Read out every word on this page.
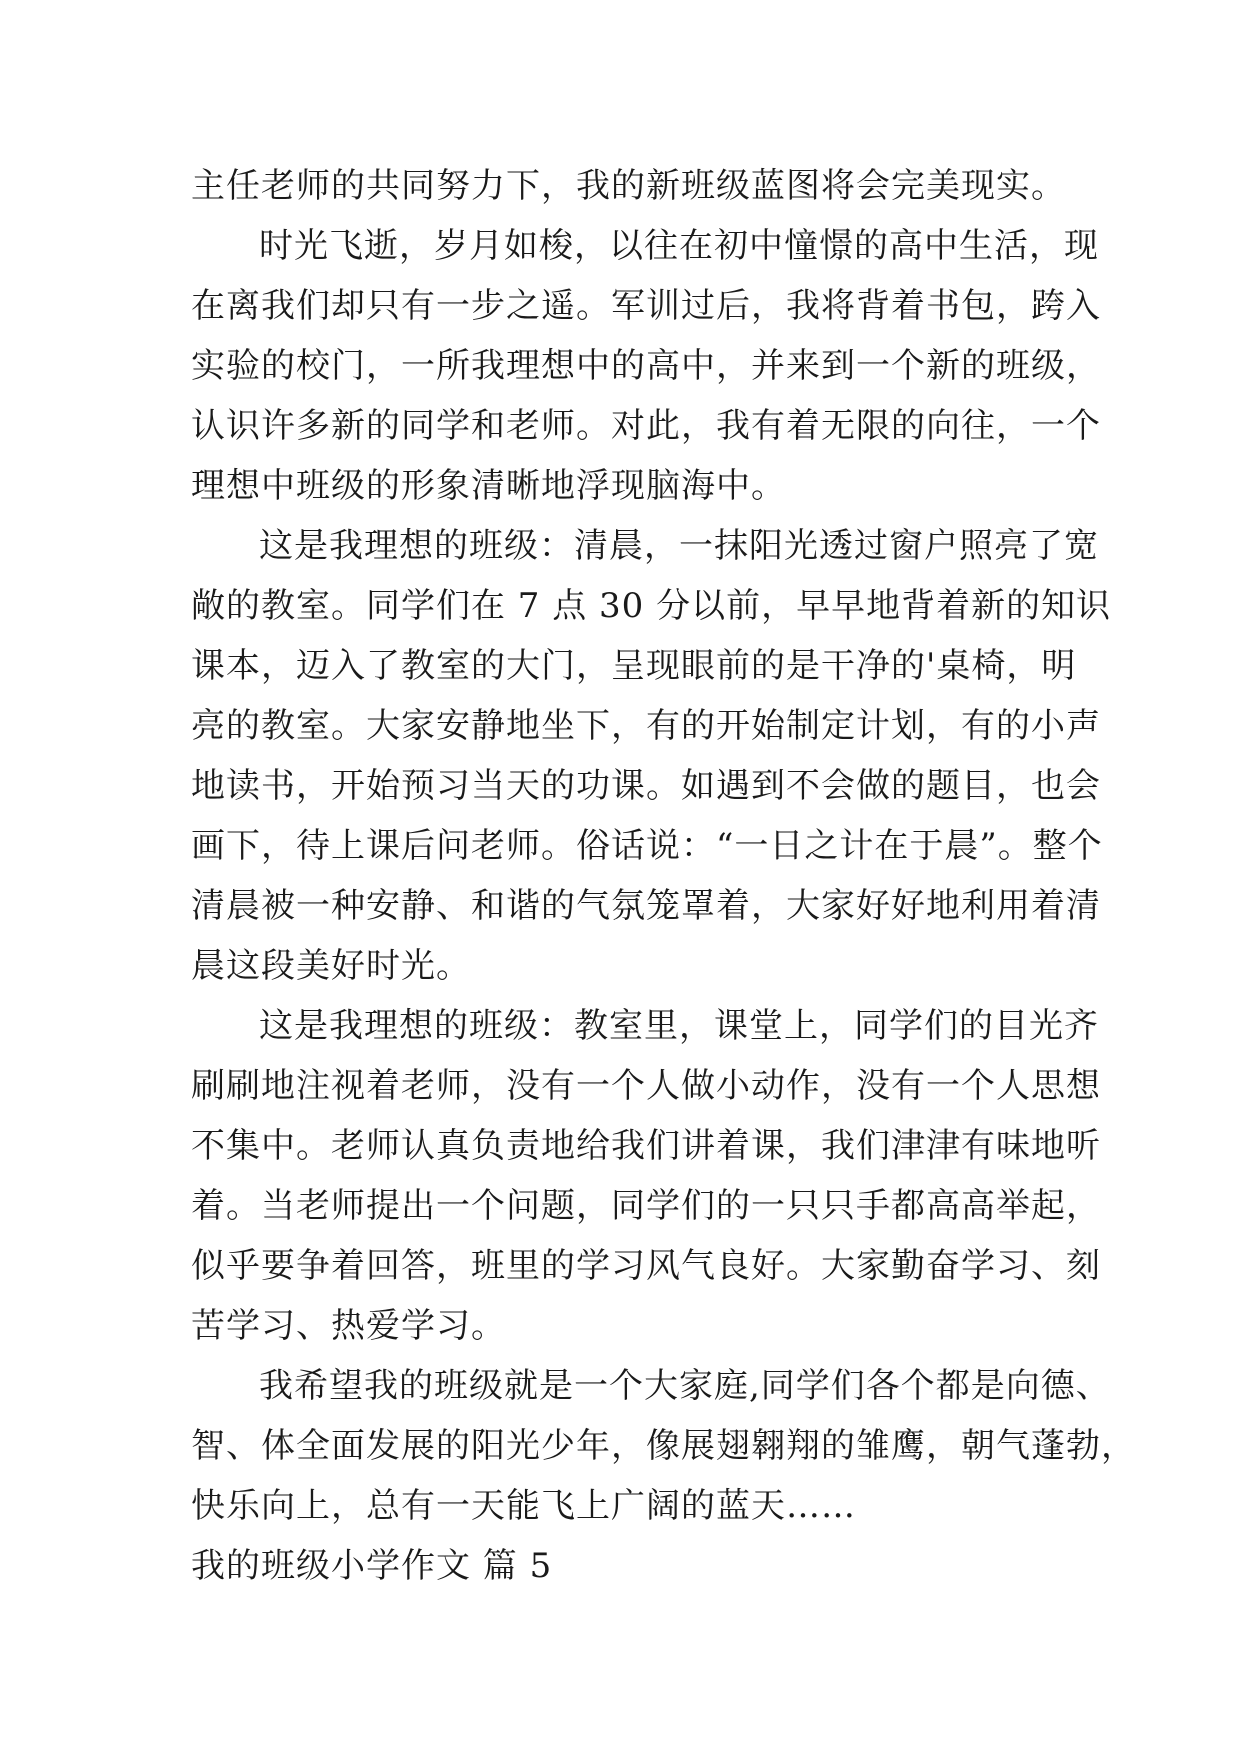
主任老师的共同努力下，我的新班级蓝图将会完美现实。
时光飞逝，岁月如梭，以往在初中憧憬的高中生活，现
在离我们却只有一步之遥。军训过后，我将背着书包，跨入
实验的校门，一所我理想中的高中，并来到一个新的班级，
认识许多新的同学和老师。对此，我有着无限的向往，一个
理想中班级的形象清晰地浮现脑海中。
这是我理想的班级：清晨，一抹阳光透过窗户照亮了宽
敞的教室。同学们在 7 点 30 分以前，早早地背着新的知识
课本，迈入了教室的大门，呈现眼前的是干净的'桌椅，明
亮的教室。大家安静地坐下，有的开始制定计划，有的小声
地读书，开始预习当天的功课。如遇到不会做的题目，也会
画下，待上课后问老师。俗话说：“一日之计在于晨”。整个
清晨被一种安静、和谐的气氛笼罩着，大家好好地利用着清
晨这段美好时光。
这是我理想的班级：教室里，课堂上，同学们的目光齐
刷刷地注视着老师，没有一个人做小动作，没有一个人思想
不集中。老师认真负责地给我们讲着课，我们津津有味地听
着。当老师提出一个问题，同学们的一只只手都高高举起，
似乎要争着回答，班里的学习风气良好。大家勤奋学习、刻
苦学习、热爱学习。
我希望我的班级就是一个大家庭,同学们各个都是向德、
智、体全面发展的阳光少年，像展翅翱翔的雏鹰，朝气蓬勃，
快乐向上，总有一天能飞上广阔的蓝天……
我的班级小学作文 篇 5
